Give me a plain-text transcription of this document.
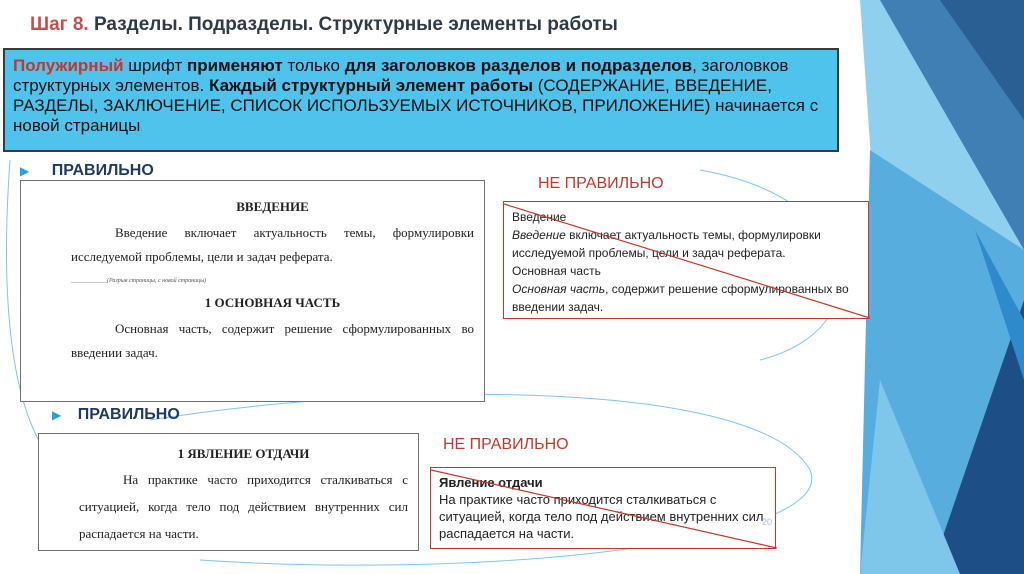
Шаг 8. Разделы. Подразделы. Структурные элементы работы
Полужирный шрифт применяют только для заголовков разделов и подразделов, заголовков структурных элементов. Каждый структурный элемент работы (СОДЕРЖАНИЕ, ВВЕДЕНИЕ, РАЗДЕЛЫ, ЗАКЛЮЧЕНИЕ, СПИСОК ИСПОЛЬЗУЕМЫХ ИСТОЧНИКОВ, ПРИЛОЖЕНИЕ) начинается с новой страницы
▶ ПРАВИЛЬНО
НЕ ПРАВИЛЬНО
ВВЕДЕНИЕ
Введение включает актуальность темы, формулировки исследуемой проблемы, цели и задач реферата.
____________(Разрыв страницы, с новой страницы)
1 ОСНОВНАЯ ЧАСТЬ
Основная часть, содержит решение сформулированных во введении задач.
Введение
Введение включает актуальность темы, формулировки исследуемой проблемы, цели и задач реферата.
Основная часть
Основная часть, содержит решение сформулированных во введении задач.
▶ ПРАВИЛЬНО
НЕ ПРАВИЛЬНО
1 ЯВЛЕНИЕ ОТДАЧИ
На практике часто приходится сталкиваться с ситуацией, когда тело под действием внутренних сил распадается на части.
Явление отдачи
На практике часто приходится сталкиваться с ситуацией, когда тело под действием внутренних сил распадается на части.
20
